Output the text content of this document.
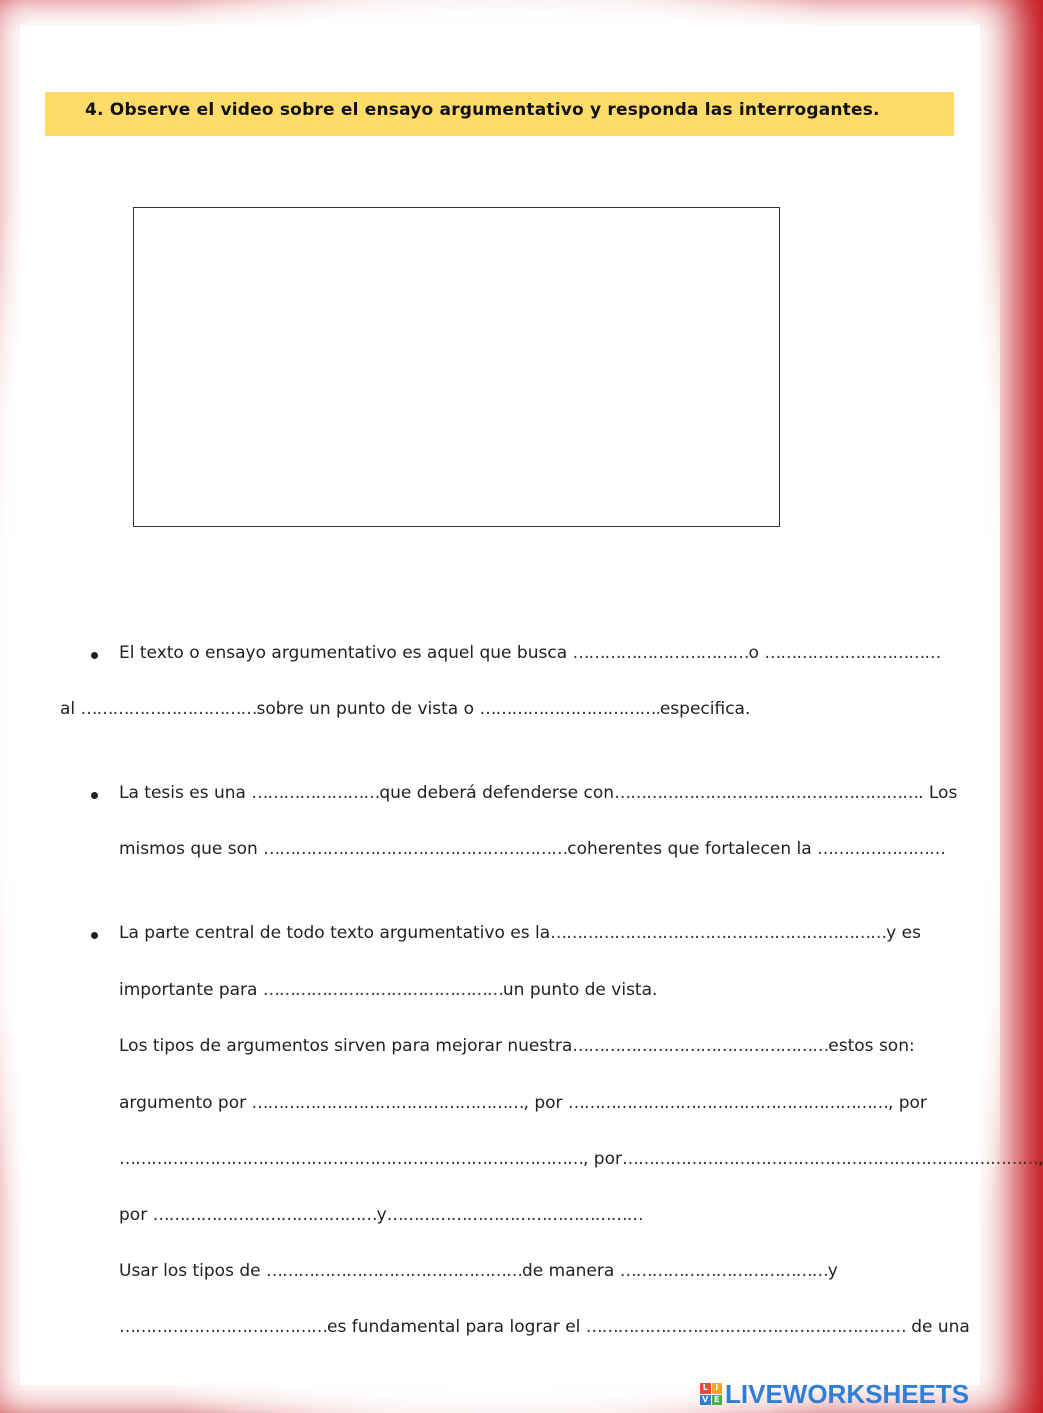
4. Observe el video sobre el ensayo argumentativo y responda las interrogantes.
El texto o ensayo argumentativo es aquel que busca ……………………………o ……………………………
al ……………………………sobre un punto de vista o …………………………….especifica.
La tesis es una ……………………que deberá defenderse con…………………………………………………. Los
mismos que son …………………………………………………coherentes que fortalecen la ……………………
La parte central de todo texto argumentativo es la………………………………………………………y es
importante para ………………………………………un punto de vista.
Los tipos de argumentos sirven para mejorar nuestra…………………………………………estos son:
argumento por ……………………………………………, por ……………………………………………………, por
……………………………………………………………………………, por……………………………………………………………………,
por ……………………………………y…………………………………………
Usar los tipos de …………………………………………de manera …………………………………y
…………………………………es fundamental para lograr el …………………………………………………… de una
L I
V E LIVEWORKSHEETS
